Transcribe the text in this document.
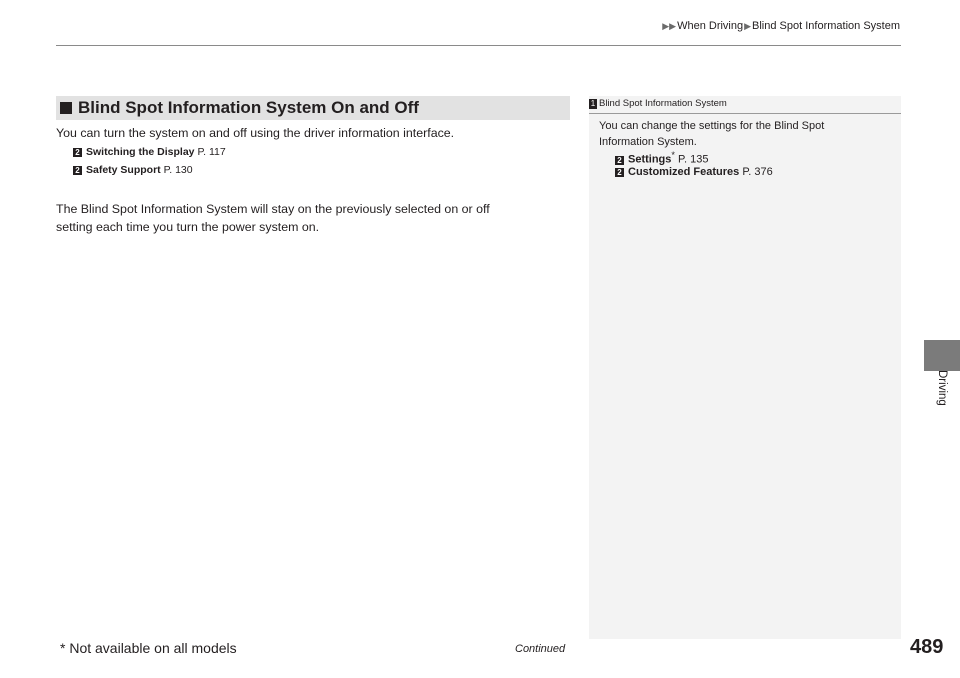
▶▶When Driving▶Blind Spot Information System
Blind Spot Information System On and Off
You can turn the system on and off using the driver information interface.
2 Switching the Display P. 117
2 Safety Support P. 130
The Blind Spot Information System will stay on the previously selected on or off
setting each time you turn the power system on.
1 Blind Spot Information System
You can change the settings for the Blind Spot
Information System.
2 Settings* P. 135
2 Customized Features P. 376
Driving
* Not available on all models	Continued	489
